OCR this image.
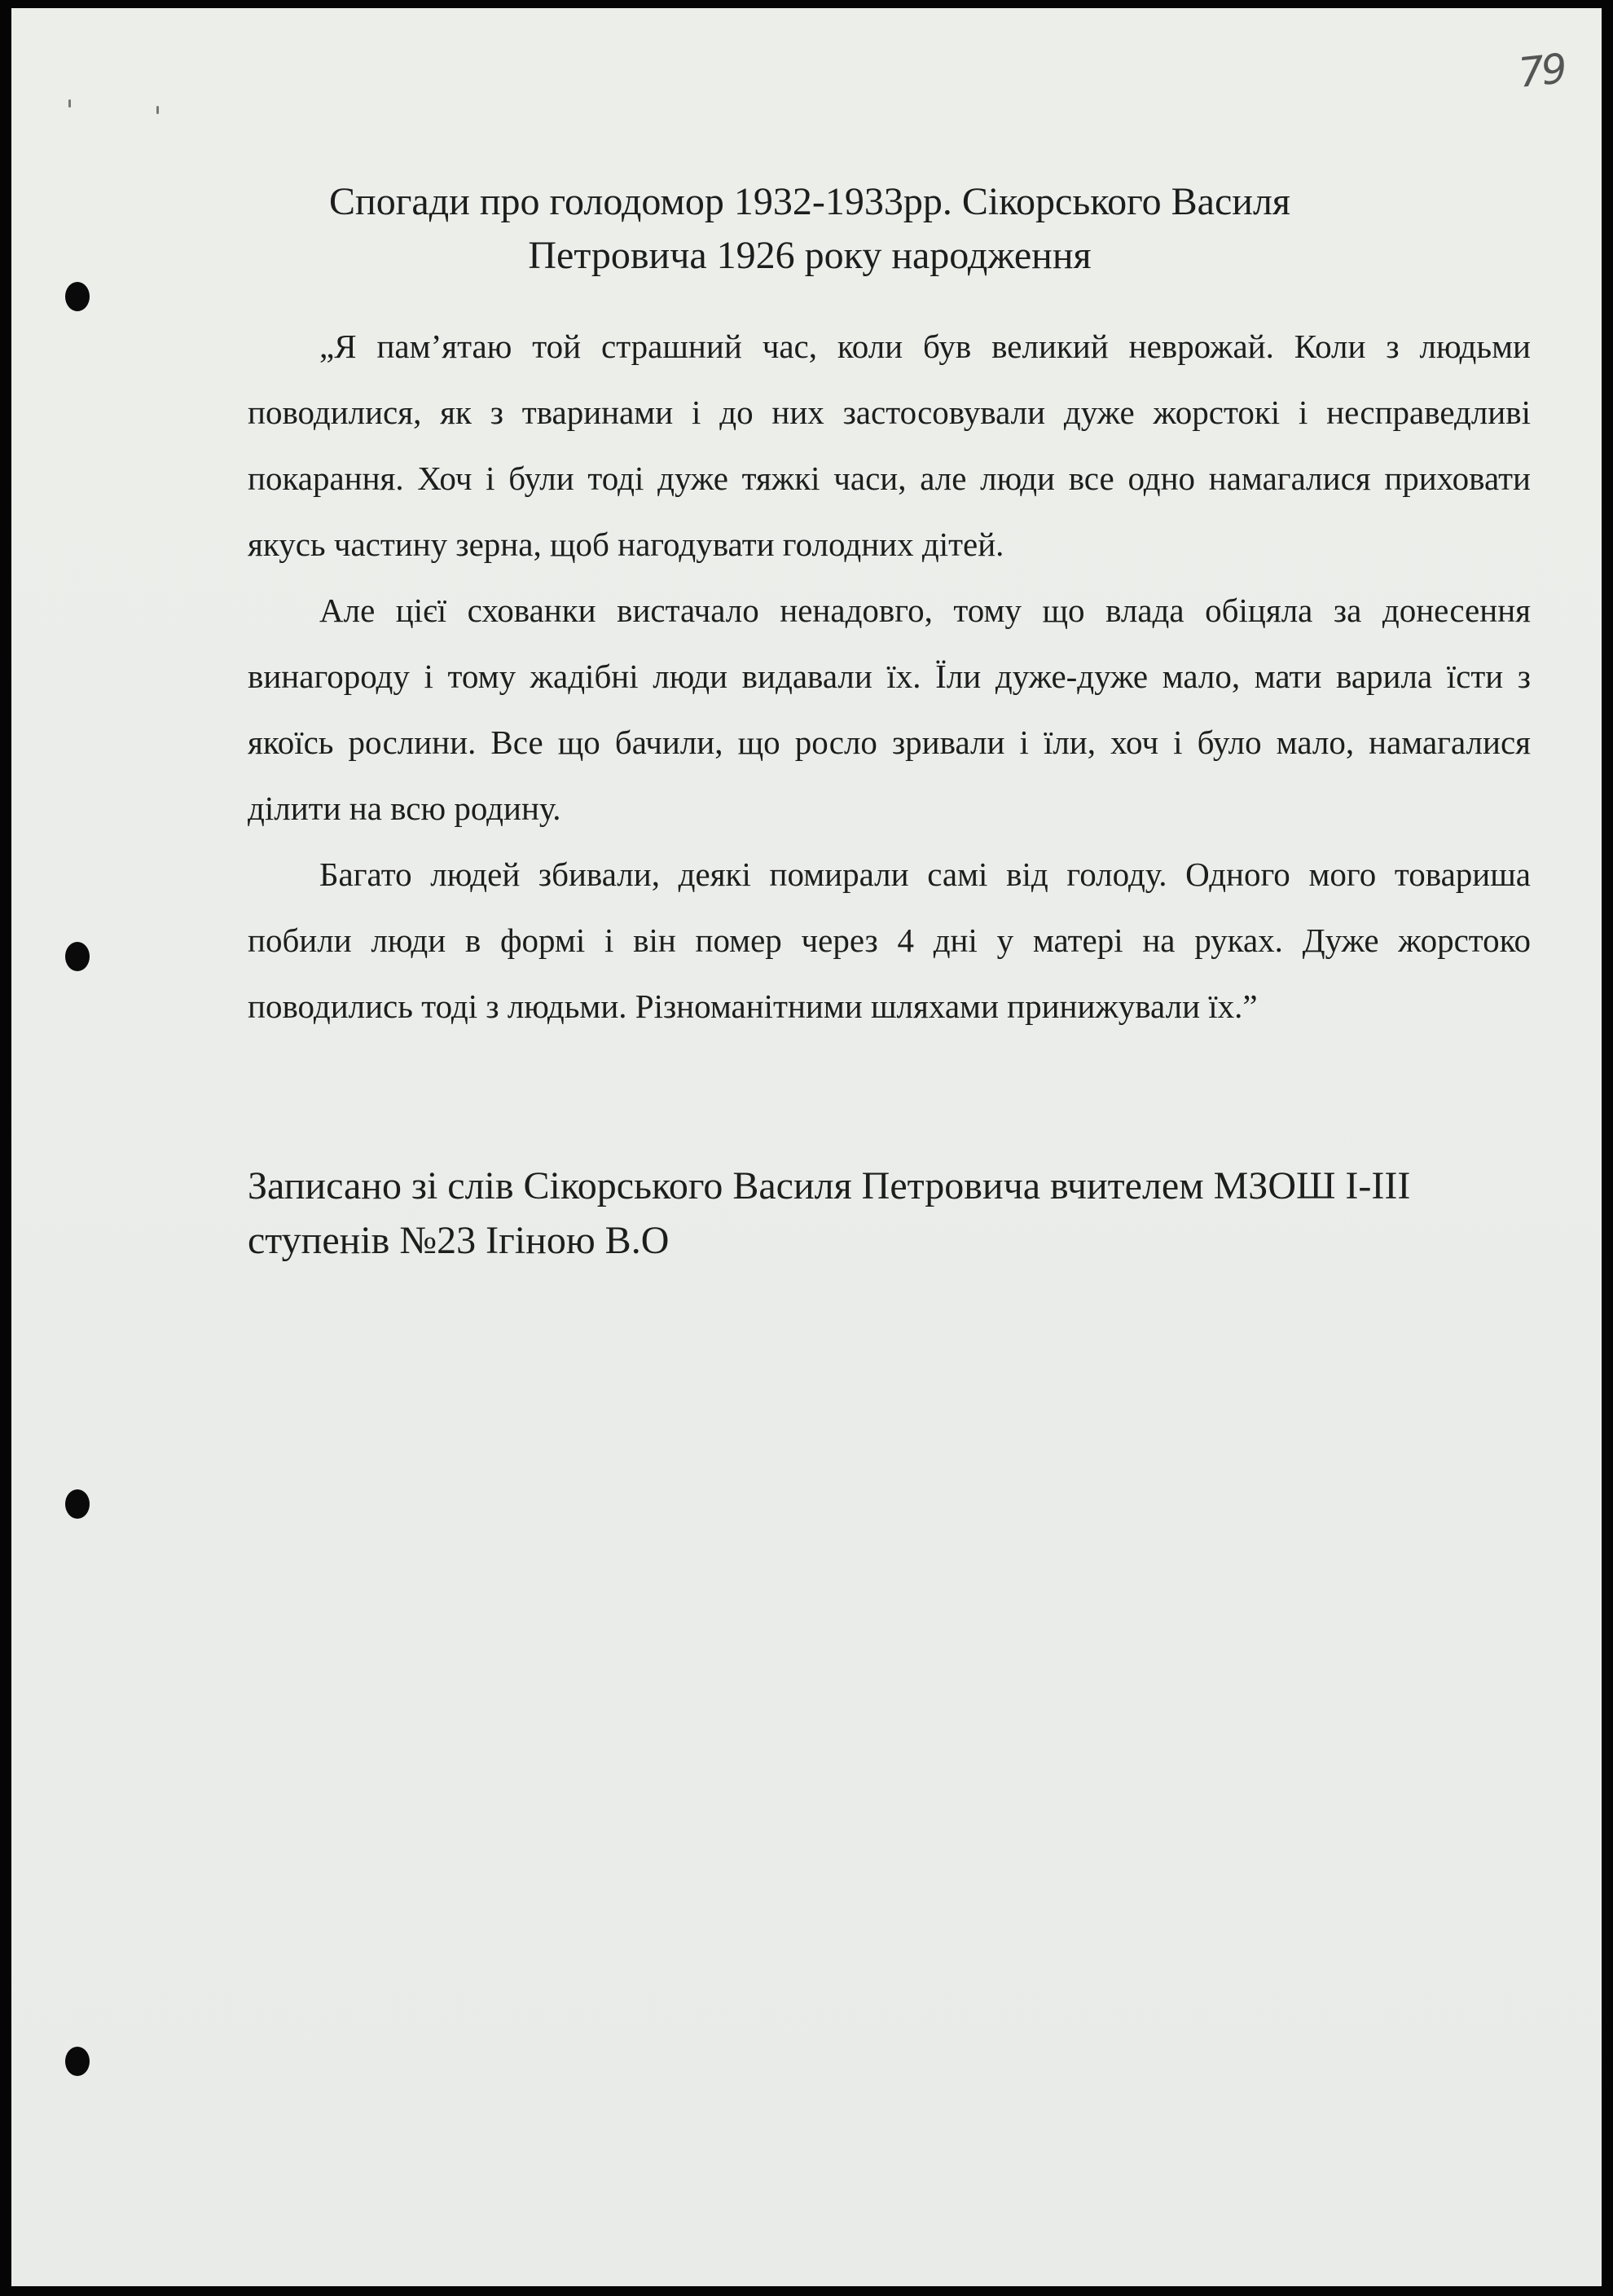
79
Спогади про голодомор 1932-1933рр. Сікорського Василя Петровича 1926 року народження

„Я пам’ятаю той страшний час, коли був великий неврожай. Коли з людьми поводилися, як з тваринами і до них застосовували дуже жорстокі і несправедливі покарання. Хоч і були тоді дуже тяжкі часи, але люди все одно намагалися приховати якусь частину зерна, щоб нагодувати голодних дітей.

Але цієї схованки вистачало ненадовго, тому що влада обіцяла за донесення винагороду і тому жадібні люди видавали їх. Їли дуже-дуже мало, мати варила їсти з якоїсь рослини. Все що бачили, що росло зривали і їли, хоч і було мало, намагалися ділити на всю родину.

Багато людей збивали, деякі помирали самі від голоду. Одного мого товариша побили люди в формі і він помер через 4 дні у матері на руках. Дуже жорстоко поводились тоді з людьми. Різноманітними шляхами принижували їх.”

Записано зі слів Сікорського Василя Петровича вчителем МЗОШ І-ІІІ ступенів №23 Ігіною В.О
